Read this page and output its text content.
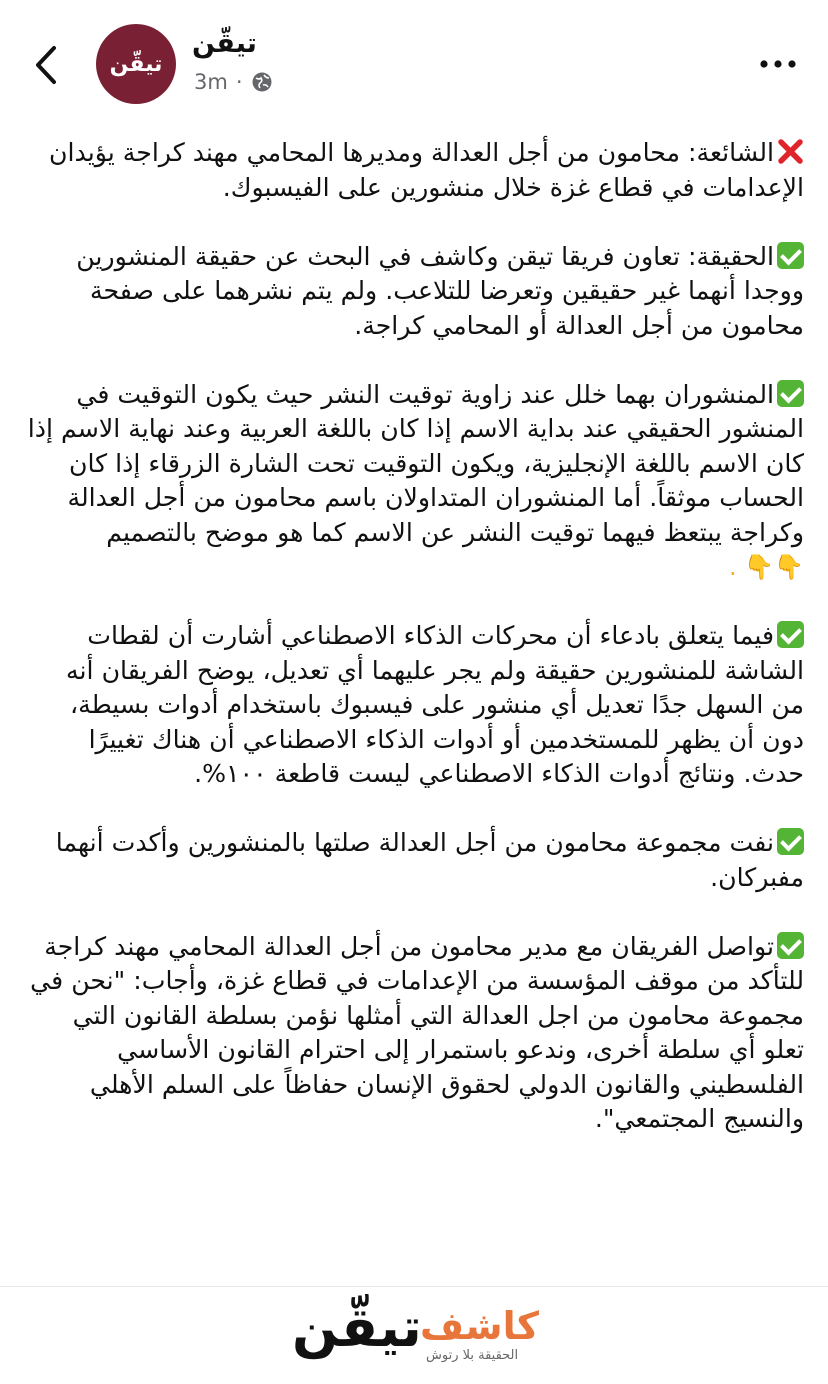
تيقّن
تيقّن
3m ·

الشائعة: محامون من أجل العدالة ومديرها المحامي مهند كراجة يؤيدان الإعدامات في قطاع غزة خلال منشورين على الفيسبوك.

الحقيقة: تعاون فريقا تيقن وكاشف في البحث عن حقيقة المنشورين ووجدا أنهما غير حقيقين وتعرضا للتلاعب. ولم يتم نشرهما على صفحة محامون من أجل العدالة أو المحامي كراجة.

المنشوران بهما خلل عند زاوية توقيت النشر حيث يكون التوقيت في المنشور الحقيقي عند بداية الاسم إذا كان باللغة العربية وعند نهاية الاسم إذا كان الاسم باللغة الإنجليزية، ويكون التوقيت تحت الشارة الزرقاء إذا كان الحساب موثقاً. أما المنشوران المتداولان باسم محامون من أجل العدالة وكراجة يبتعظ فيهما توقيت النشر عن الاسم كما هو موضح بالتصميم 👇👇 .

فيما يتعلق بادعاء أن محركات الذكاء الاصطناعي أشارت أن لقطات الشاشة للمنشورين حقيقة ولم يجر عليهما أي تعديل، يوضح الفريقان أنه من السهل جدًا تعديل أي منشور على فيسبوك باستخدام أدوات بسيطة، دون أن يظهر للمستخدمين أو أدوات الذكاء الاصطناعي أن هناك تغييرًا حدث. ونتائج أدوات الذكاء الاصطناعي ليست قاطعة ١٠٠%.

نفت مجموعة محامون من أجل العدالة صلتها بالمنشورين وأكدت أنهما مفبركان.

تواصل الفريقان مع مدير محامون من أجل العدالة المحامي مهند كراجة للتأكد من موقف المؤسسة من الإعدامات في قطاع غزة، وأجاب: "نحن في مجموعة محامون من اجل العدالة التي أمثلها نؤمن بسلطة القانون التي تعلو أي سلطة أخرى، وندعو باستمرار إلى احترام القانون الأساسي الفلسطيني والقانون الدولي لحقوق الإنسان حفاظاً على السلم الأهلي والنسيج المجتمعي".

تيقّن
كاشف
الحقيقة بلا رتوش
